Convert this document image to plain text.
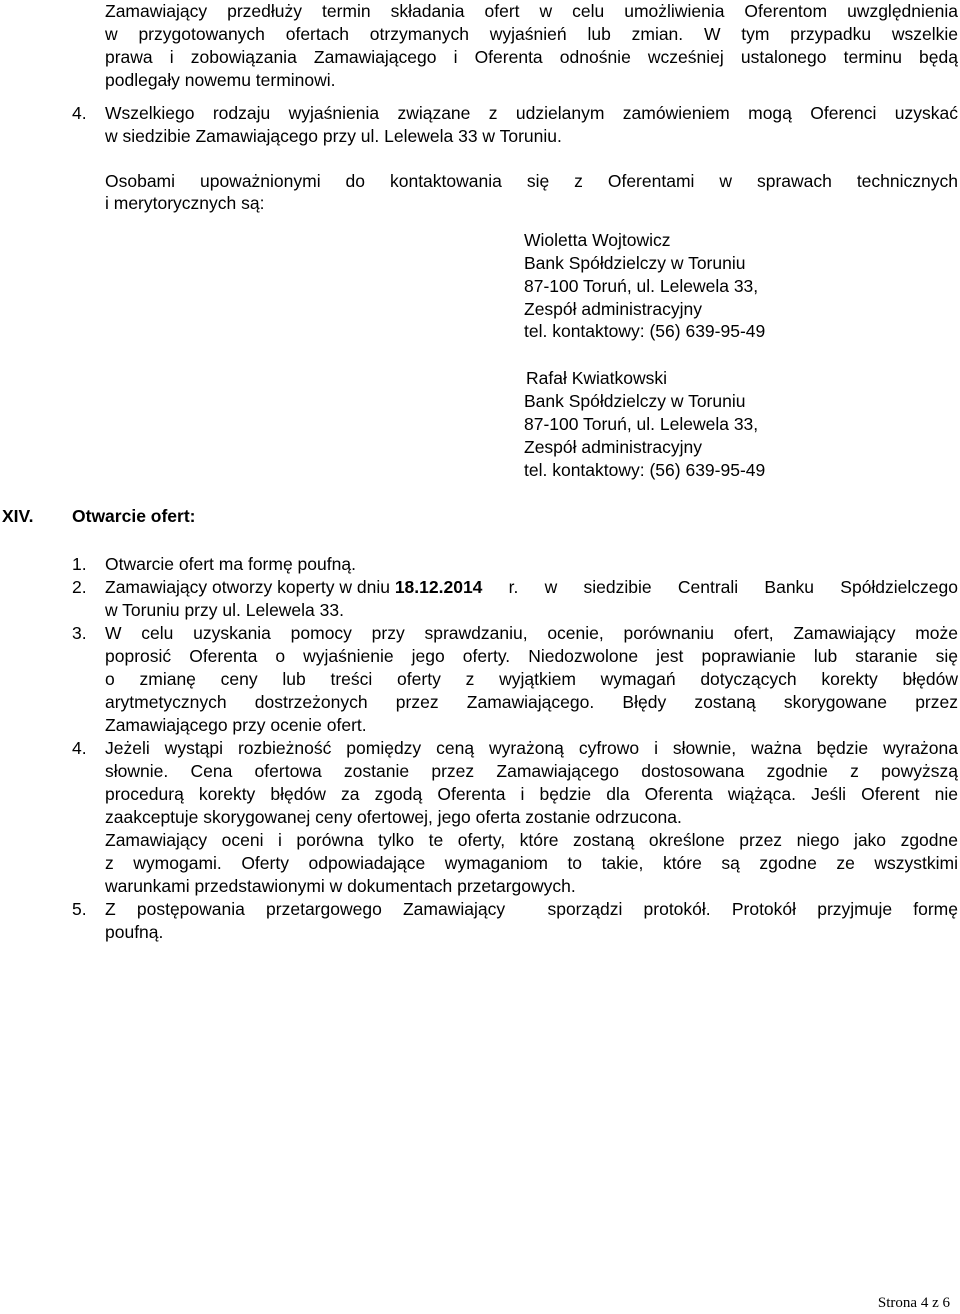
Zamawiający przedłuży termin składania ofert w celu umożliwienia Oferentom uwzględnienia
w przygotowanych ofertach otrzymanych wyjaśnień lub zmian. W tym przypadku wszelkie
prawa i zobowiązania Zamawiającego i Oferenta odnośnie wcześniej ustalonego terminu będą
podlegały nowemu terminowi.
4. Wszelkiego rodzaju wyjaśnienia związane z udzielanym zamówieniem mogą Oferenci uzyskać
w siedzibie Zamawiającego przy ul. Lelewela 33 w Toruniu.
Osobami upoważnionymi do kontaktowania się z Oferentami w sprawach technicznych
i merytorycznych są:
Wioletta Wojtowicz
Bank Spółdzielczy w Toruniu
87-100 Toruń, ul. Lelewela 33,
Zespół administracyjny
tel. kontaktowy: (56) 639-95-49
Rafał Kwiatkowski
Bank Spółdzielczy w Toruniu
87-100 Toruń, ul. Lelewela 33,
Zespół administracyjny
tel. kontaktowy: (56) 639-95-49
XIV. Otwarcie ofert:
1. Otwarcie ofert ma formę poufną.
2. Zamawiający otworzy koperty w dniu 18.12.2014 r. w siedzibie Centrali Banku Spółdzielczego
w Toruniu przy ul. Lelewela 33.
3. W celu uzyskania pomocy przy sprawdzaniu, ocenie, porównaniu ofert, Zamawiający może
poprosić Oferenta o wyjaśnienie jego oferty. Niedozwolone jest poprawianie lub staranie się
o zmianę ceny lub treści oferty z wyjątkiem wymagań dotyczących korekty błędów
arytmetycznych dostrzeżonych przez Zamawiającego. Błędy zostaną skorygowane przez
Zamawiającego przy ocenie ofert.
4. Jeżeli wystąpi rozbieżność pomiędzy ceną wyrażoną cyfrowo i słownie, ważna będzie wyrażona
słownie. Cena ofertowa zostanie przez Zamawiającego dostosowana zgodnie z powyższą
procedurą korekty błędów za zgodą Oferenta i będzie dla Oferenta wiążąca. Jeśli Oferent nie
zaakceptuje skorygowanej ceny ofertowej, jego oferta zostanie odrzucona.
Zamawiający oceni i porówna tylko te oferty, które zostaną określone przez niego jako zgodne
z wymogami. Oferty odpowiadające wymaganiom to takie, które są zgodne ze wszystkimi
warunkami przedstawionymi w dokumentach przetargowych.
5. Z postępowania przetargowego Zamawiający  sporządzi protokół. Protokół przyjmuje formę
poufną.
Strona 4 z 6
